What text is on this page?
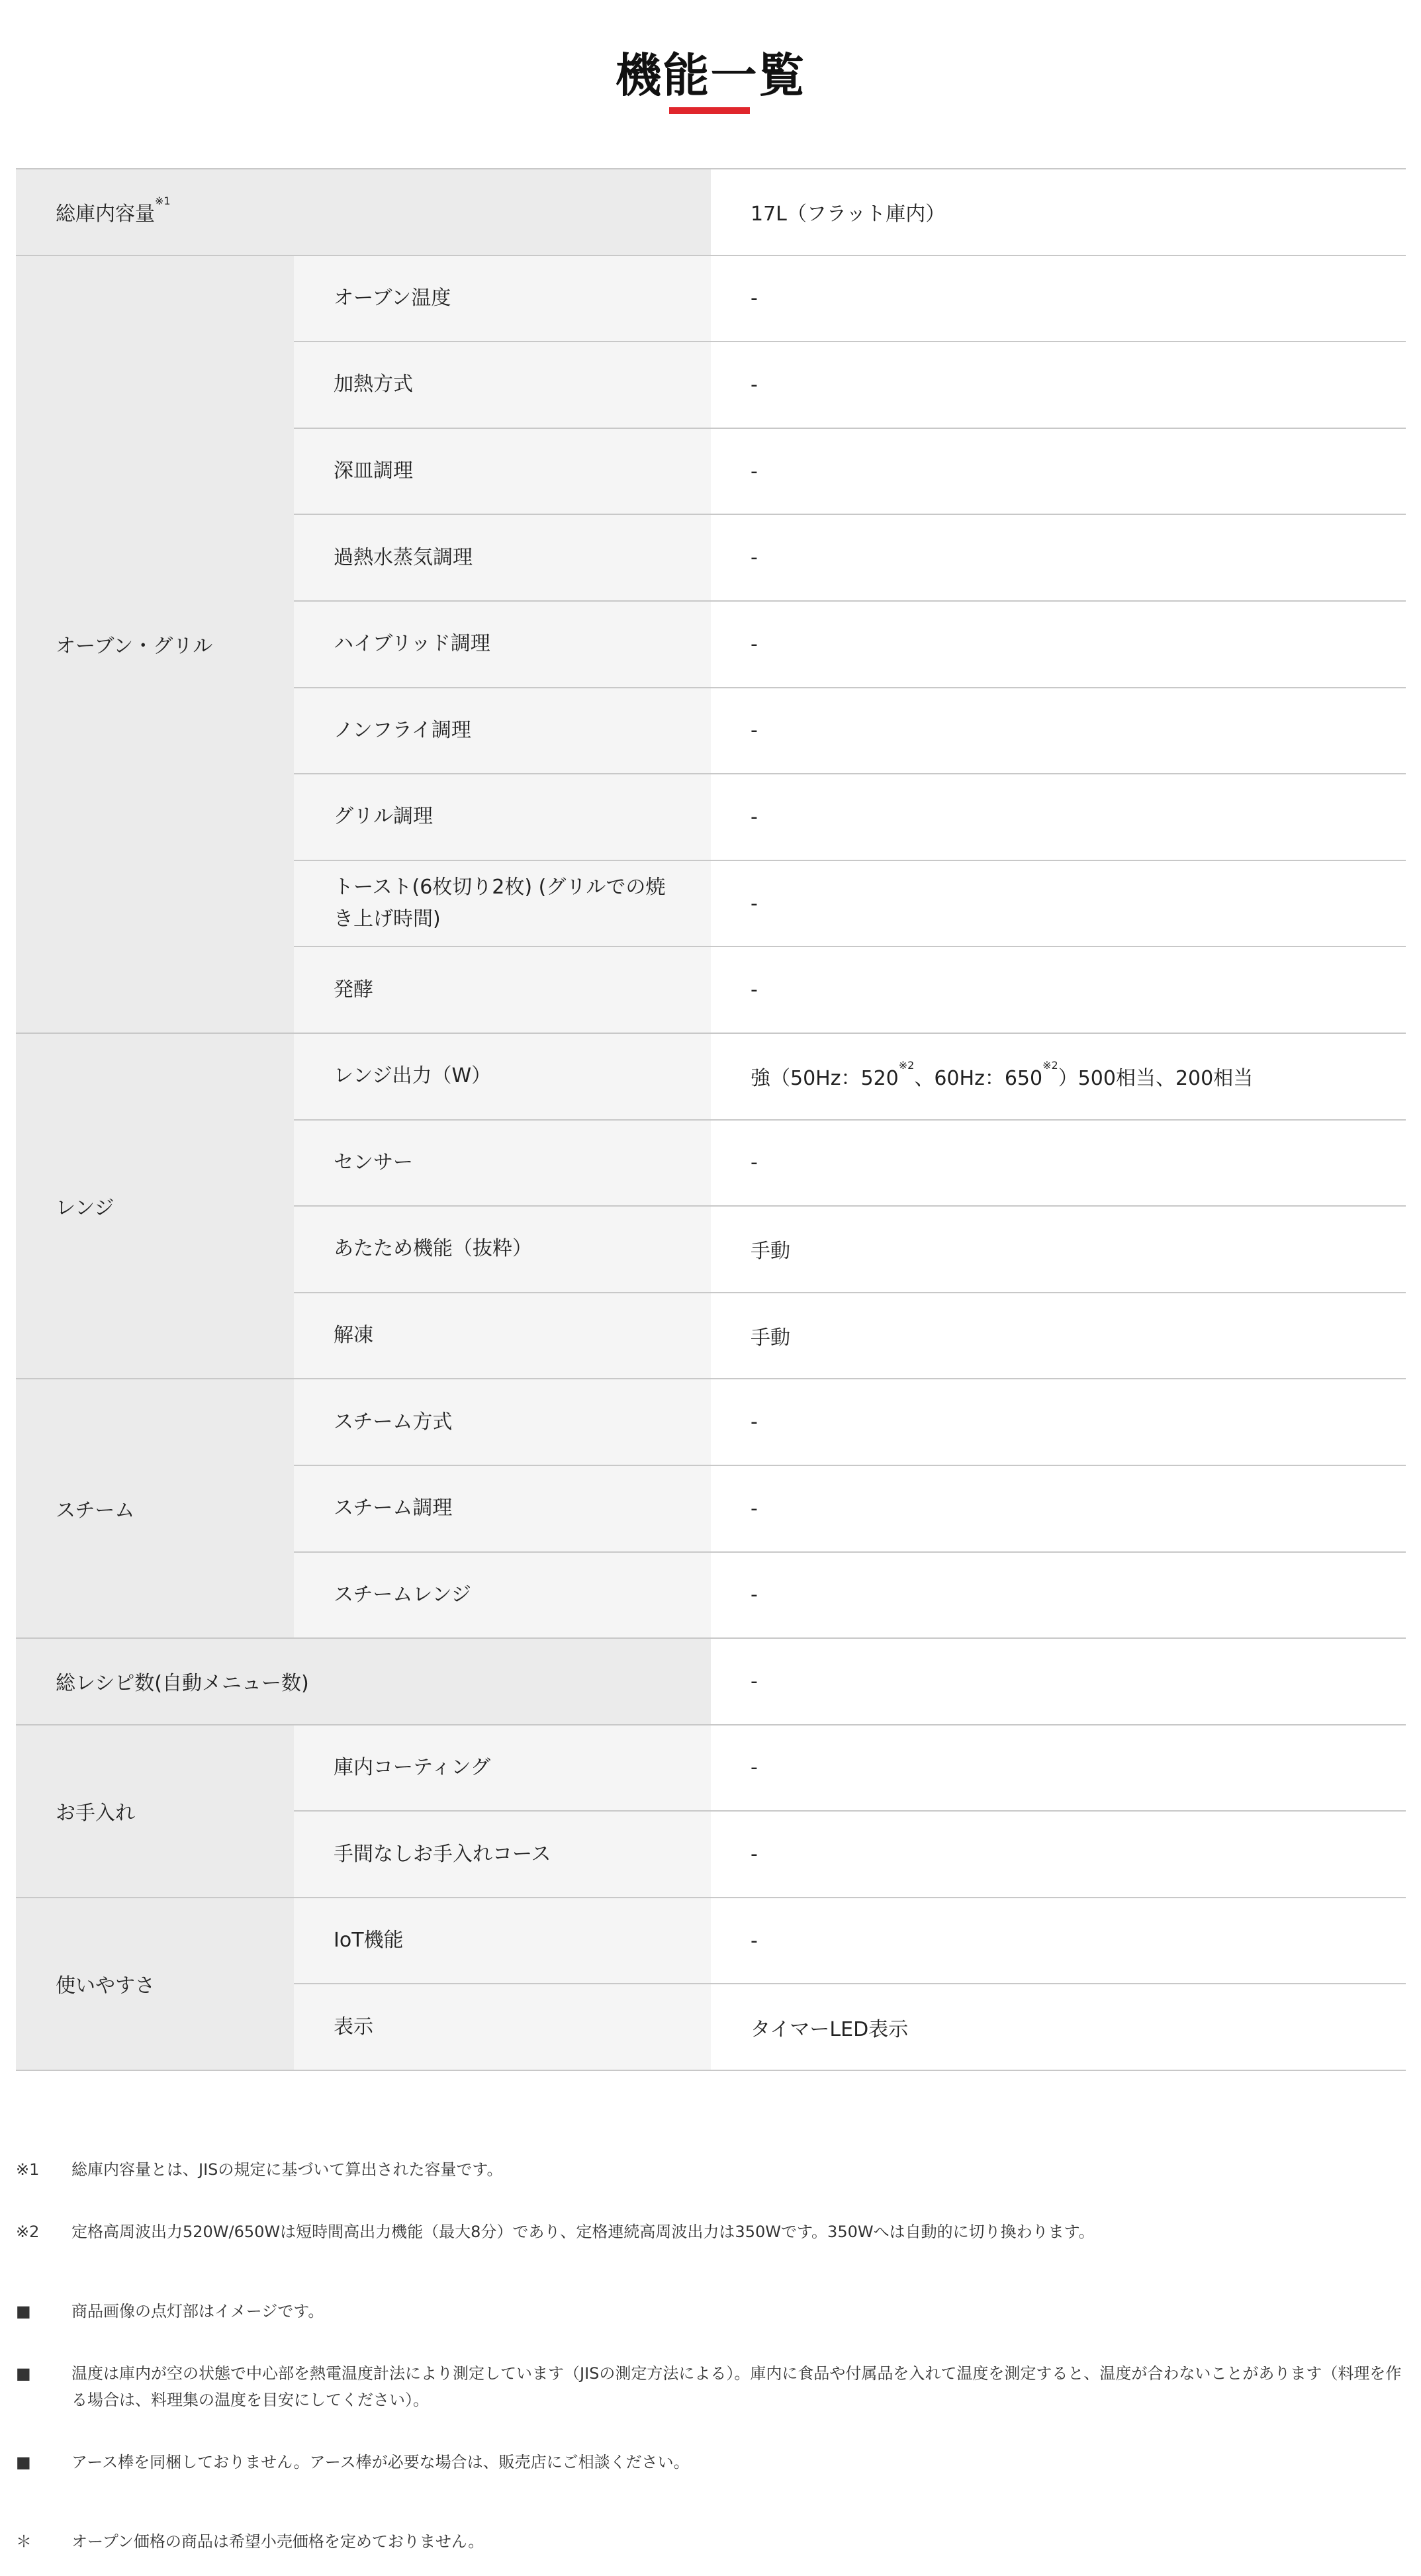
機能一覧
総庫内容量$^{※1}$		17L（フラット庫内）
オーブン・グリル	オーブン温度	-
	加熱方式	-
	深皿調理	-
	過熱水蒸気調理	-
	ハイブリッド調理	-
	ノンフライ調理	-
	グリル調理	-
	トースト(6枚切り2枚) (グリルでの焼き上げ時間)	-
	発酵	-
レンジ	レンジ出力（W）	強（50Hz：520$^{※2}$、60Hz：650$^{※2}$）500相当、200相当
	センサー	-
	あたため機能（抜粋）	手動
	解凍	手動
スチーム	スチーム方式	-
	スチーム調理	-
	スチームレンジ	-
総レシピ数(自動メニュー数)		-
お手入れ	庫内コーティング	-
	手間なしお手入れコース	-
使いやすさ	IoT機能	-
	表示	タイマーLED表示
※1	総庫内容量とは、JISの規定に基づいて算出された容量です。
※2	定格高周波出力520W/650Wは短時間高出力機能（最大8分）であり、定格連続高周波出力は350Wです。350Wへは自動的に切り換わります。
■	商品画像の点灯部はイメージです。
■	温度は庫内が空の状態で中心部を熱電温度計法により測定しています（JISの測定方法による）。庫内に食品や付属品を入れて温度を測定すると、温度が合わないことがあります（料理を作る場合は、料理集の温度を目安にしてください）。
■	アース棒を同梱しておりません。アース棒が必要な場合は、販売店にご相談ください。
＊	オープン価格の商品は希望小売価格を定めておりません。
